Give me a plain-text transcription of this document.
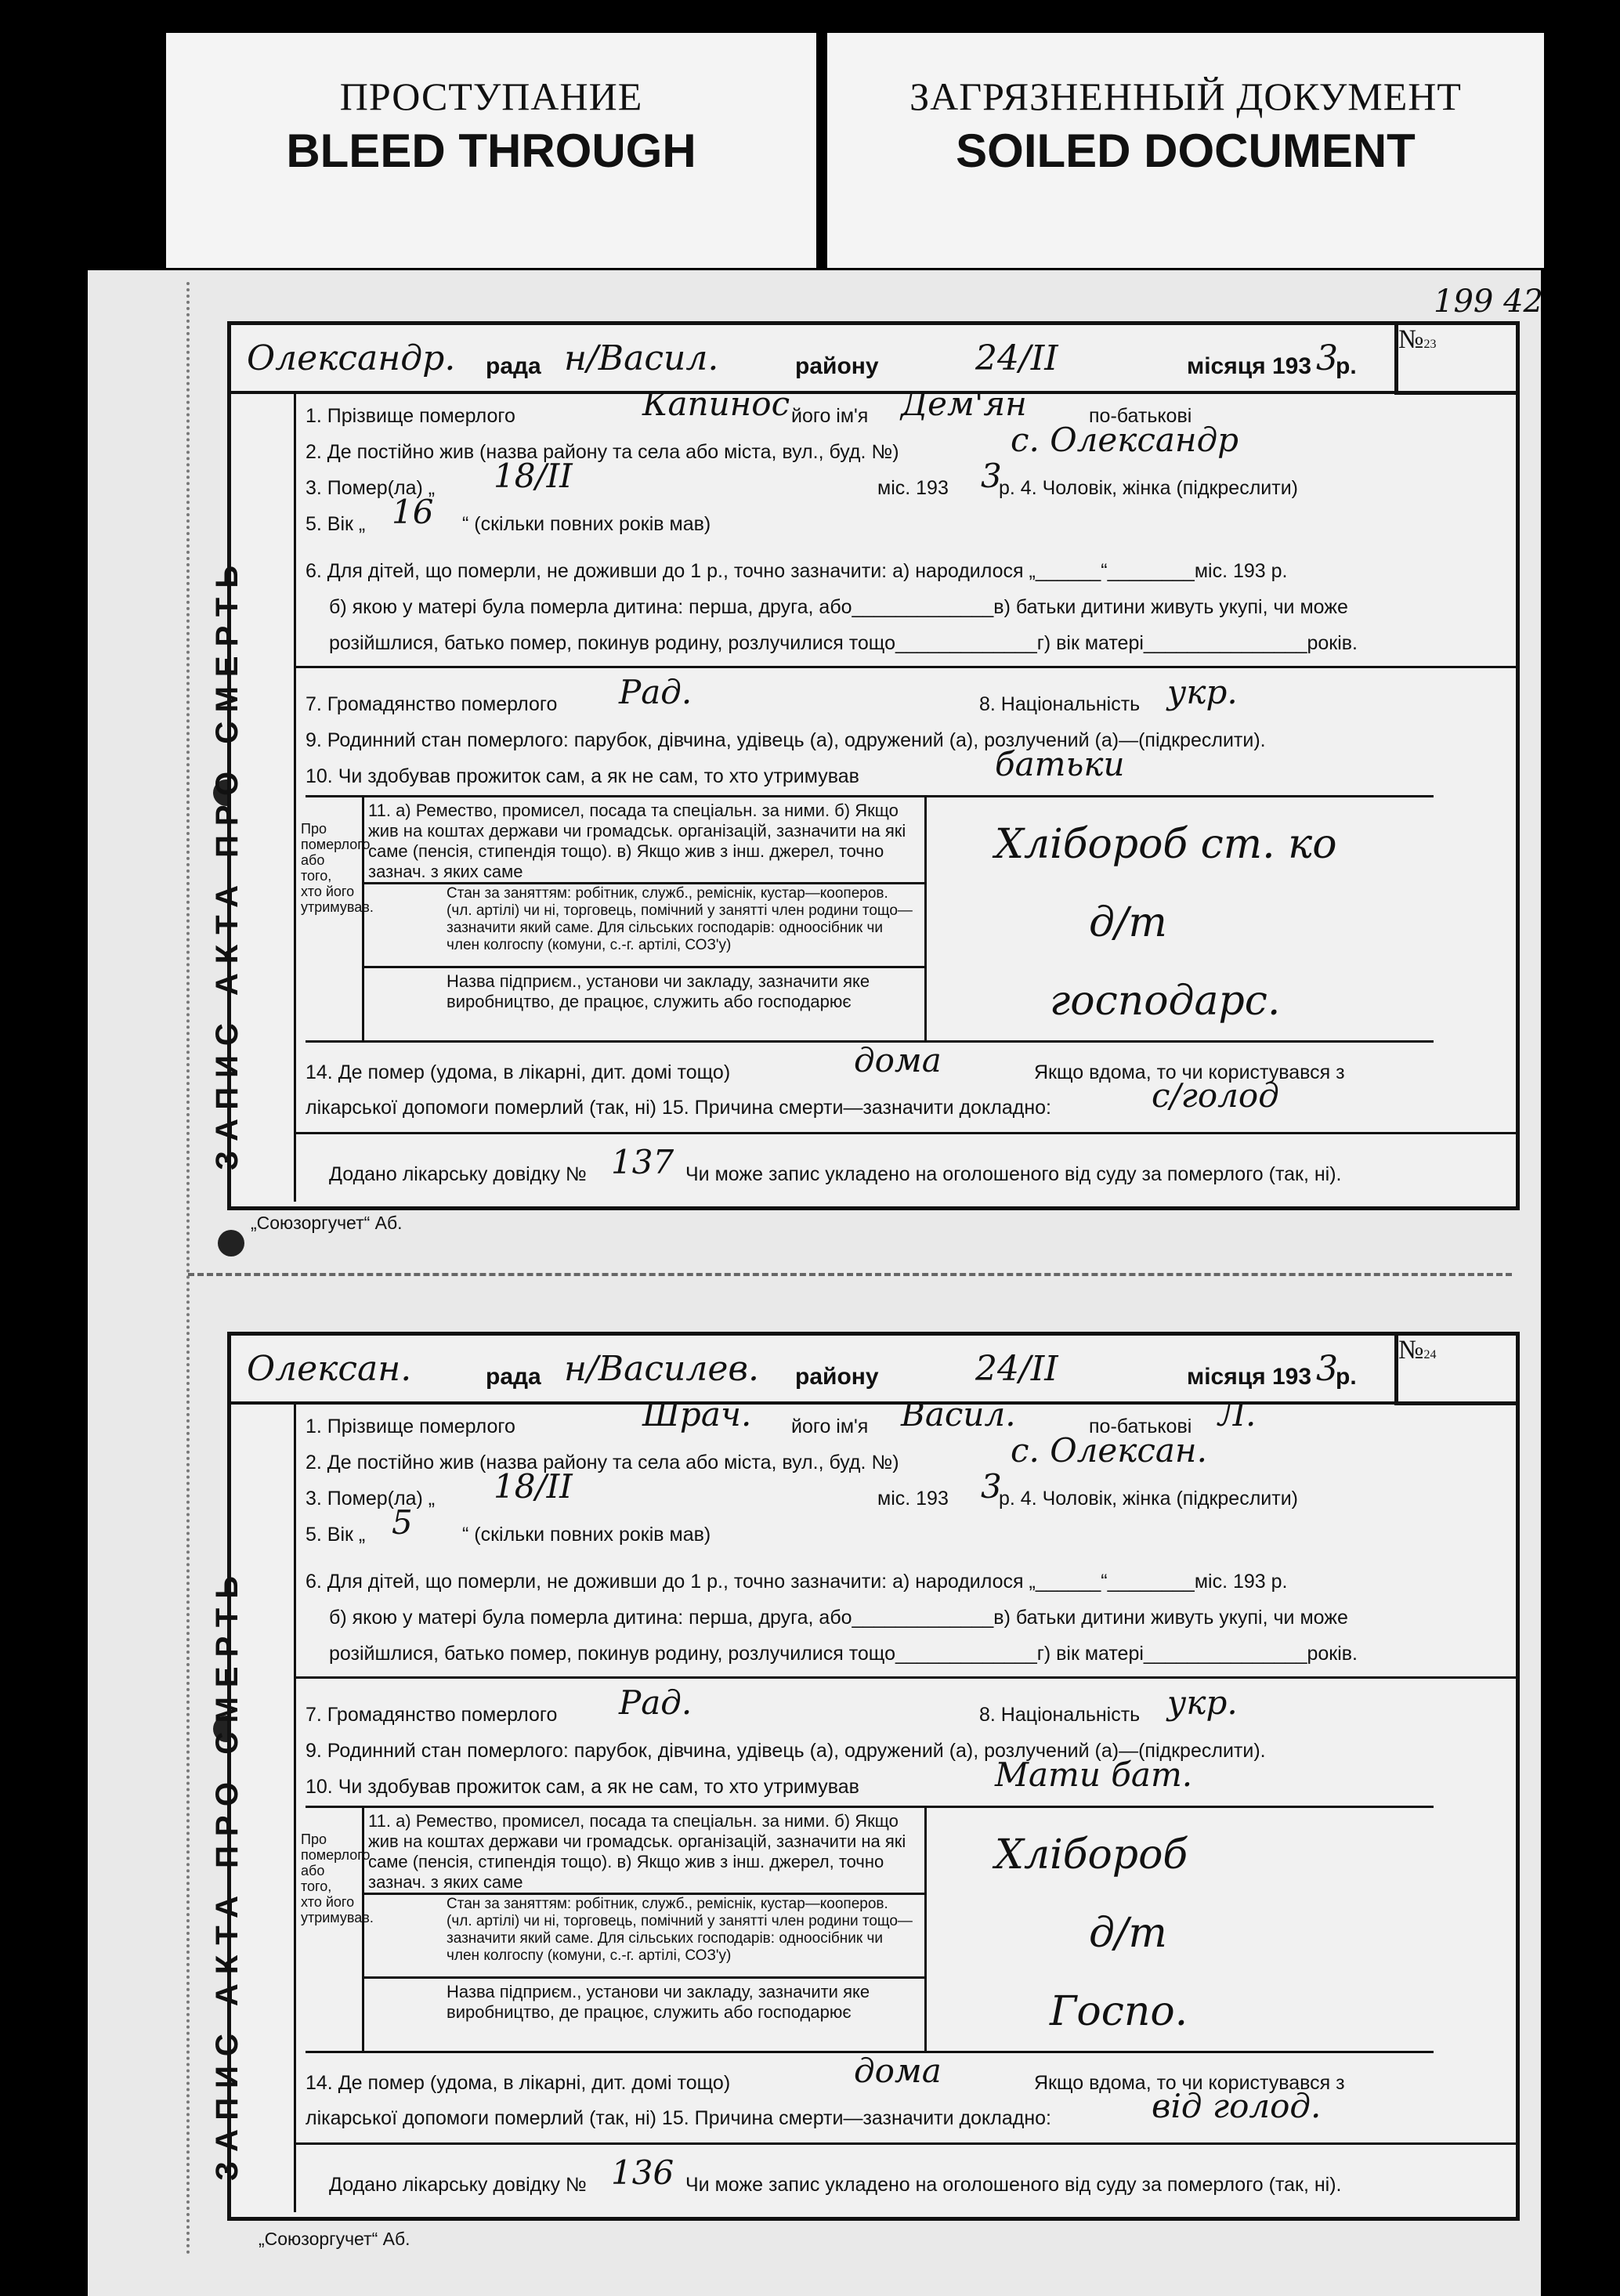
ПРОСТУПАНИЕ
BLEED THROUGH
ЗАГРЯЗНЕННЫЙ ДОКУМЕНТ
SOILED DOCUMENT
199 42
Олександр. рада н/Васил.	району	24/II	місяця 193 3
р.
№23
ЗАПИС АКТА ПРО СМЕРТЬ
1. Прізвище померлого	Капинос його ім'я Дем'ян	по-батькові
2. Де постійно жив (назва району та села або міста, вул., буд. №)	с. Олександр
3. Помер(ла) „ 18/II	міс. 193 3
р. 4. Чоловік, жінка (підкреслити)
5. Вік „ 16 “ (скільки повних років мав)
6. Для дітей, що померли, не доживши до 1 р., точно зазначити: а) народилося „______“________міс. 193 р.
б) якою у матері була померла дитина: перша, друга, або_____________в) батьки дитини живуть укупі, чи може
розійшлися, батько помер, покинув родину, розлучилися тощо_____________г) вік матері_______________років.
7. Громадянство померлого Рад.	8. Національність укр.
9. Родинний стан померлого: парубок, дівчина, удівець (а), одружений (а), розлучений (а)—(підкреслити).
10. Чи здобував прожиток сам, а як не сам, то хто утримував	батьки
Про померлого або того, хто його утримував.
11. а) Ремество, промисел, посада та спеціальн. за ними. б) Якщо жив на коштах держави чи громадськ. організацій, зазначити на які саме (пенсія, стипендія тощо). в) Якщо жив з інш. джерел, точно зазнач. з яких саме
Стан за заняттям: робітник, служб., реміснік, кустар—кооперов. (чл. артілі) чи ні, торговець, помічний у занятті член родини тощо—зазначити який саме. Для сільських господарів: одноосібник чи член колгоспу (комуни, с.-г. артілі, СОЗ'у)
Назва підприєм., установи чи закладу, зазначити яке виробництво, де працює, служить або господарює
Хлібороб ст. ко
д/т
господарс.
14. Де помер (удома, в лікарні, дит. домі тощо)	дома	Якщо вдома, то чи користувався з
лікарської допомоги померлий (так, ні) 15. Причина смерти—зазначити докладно:	с/голод
Додано лікарську довідку № 137 Чи може запис укладено на оголошеного від суду за померлого (так, ні).
Олексан.	рада н/Василев. району	24/II	місяця 193 3
р.
№24
ЗАПИС АКТА ПРО СМЕРТЬ
1. Прізвище померлого	Шрач. його ім'я Васил.	по-батькові Л.
2. Де постійно жив (назва району та села або міста, вул., буд. №)	с. Олексан.
3. Помер(ла) „ 18/II	міс. 193 3
р. 4. Чоловік, жінка (підкреслити)
5. Вік „ 5	“ (скільки повних років мав)
6. Для дітей, що померли, не доживши до 1 р., точно зазначити: а) народилося „______“________міс. 193 р.
б) якою у матері була померла дитина: перша, друга, або_____________в) батьки дитини живуть укупі, чи може
розійшлися, батько помер, покинув родину, розлучилися тощо_____________г) вік матері_______________років.
7. Громадянство померлого Рад.	8. Національність укр.
9. Родинний стан померлого: парубок, дівчина, удівець (а), одружений (а), розлучений (а)—(підкреслити).
10. Чи здобував прожиток сам, а як не сам, то хто утримував	Мати бат.
Про померлого або того, хто його утримував.
11. а) Ремество, промисел, посада та спеціальн. за ними. б) Якщо жив на коштах держави чи громадськ. організацій, зазначити на які саме (пенсія, стипендія тощо). в) Якщо жив з інш. джерел, точно зазнач. з яких саме
Стан за заняттям: робітник, служб., реміснік, кустар—кооперов. (чл. артілі) чи ні, торговець, помічний у занятті член родини тощо—зазначити який саме. Для сільських господарів: одноосібник чи член колгоспу (комуни, с.-г. артілі, СОЗ'у)
Назва підприєм., установи чи закладу, зазначити яке виробництво, де працює, служить або господарює
Хлібороб
д/т
Госпо.
14. Де помер (удома, в лікарні, дит. домі тощо)	дома	Якщо вдома, то чи користувався з
лікарської допомоги померлий (так, ні) 15. Причина смерти—зазначити докладно:	від голод.
Додано лікарську довідку № 136 Чи може запис укладено на оголошеного від суду за померлого (так, ні).
„Союзоргучет“ Аб.
„Союзоргучет“ Аб.
